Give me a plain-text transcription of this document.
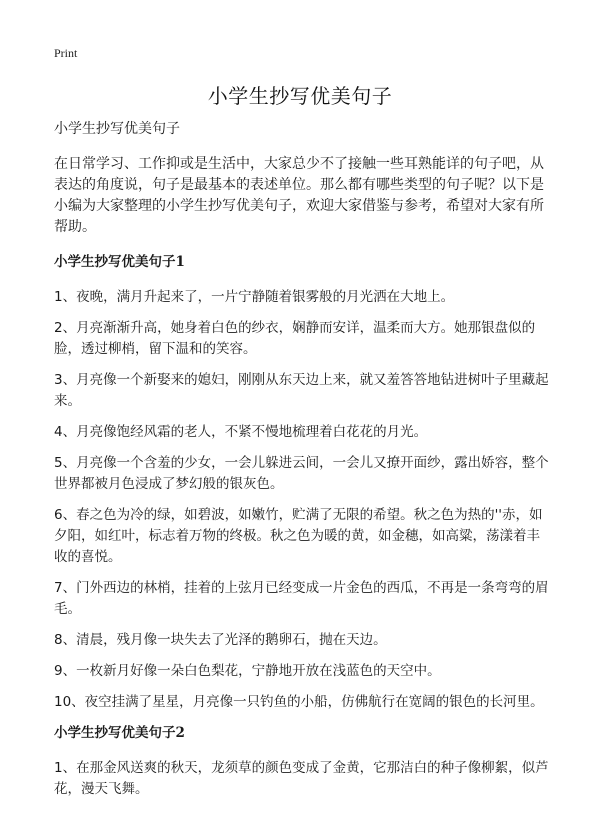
Print
小学生抄写优美句子

小学生抄写优美句子

在日常学习、工作抑或是生活中，大家总少不了接触一些耳熟能详的句子吧，从表达的角度说，句子是最基本的表述单位。那么都有哪些类型的句子呢？以下是小编为大家整理的小学生抄写优美句子，欢迎大家借鉴与参考，希望对大家有所帮助。

小学生抄写优美句子1

1、夜晚，满月升起来了，一片宁静随着银雾般的月光洒在大地上。

2、月亮渐渐升高，她身着白色的纱衣，娴静而安详，温柔而大方。她那银盘似的脸，透过柳梢，留下温和的笑容。

3、月亮像一个新娶来的媳妇，刚刚从东天边上来，就又羞答答地钻进树叶子里藏起来。

4、月亮像饱经风霜的老人，不紧不慢地梳理着白花花的月光。

5、月亮像一个含羞的少女，一会儿躲进云间，一会儿又撩开面纱，露出娇容，整个世界都被月色浸成了梦幻般的银灰色。

6、春之色为冷的绿，如碧波，如嫩竹，贮满了无限的希望。秋之色为热的''赤，如夕阳，如红叶，标志着万物的终极。秋之色为暖的黄，如金穗，如高粱，荡漾着丰收的喜悦。

7、门外西边的林梢，挂着的上弦月已经变成一片金色的西瓜，不再是一条弯弯的眉毛。

8、清晨，残月像一块失去了光泽的鹅卵石，抛在天边。

9、一枚新月好像一朵白色梨花，宁静地开放在浅蓝色的天空中。

10、夜空挂满了星星，月亮像一只钓鱼的小船，仿佛航行在宽阔的银色的长河里。

小学生抄写优美句子2

1、在那金风送爽的秋天，龙须草的颜色变成了金黄，它那洁白的种子像柳絮，似芦花，漫天飞舞。
